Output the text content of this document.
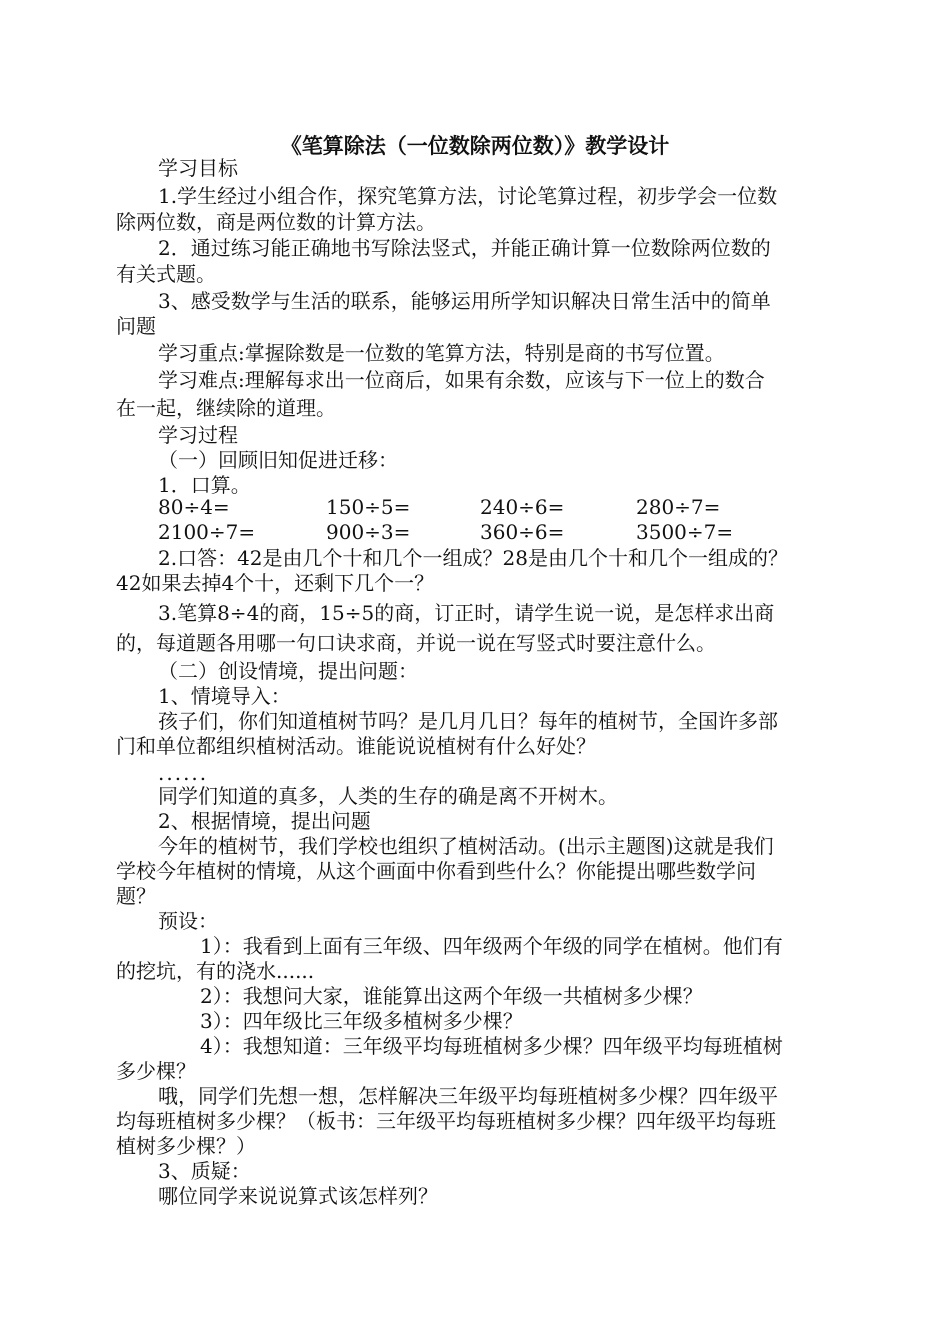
《笔算除法（一位数除两位数）》教学设计

学习目标

1.学生经过小组合作，探究笔算方法，讨论笔算过程，初步学会一位数

除两位数，商是两位数的计算方法。

2．通过练习能正确地书写除法竖式，并能正确计算一位数除两位数的

有关式题。

3、感受数学与生活的联系，能够运用所学知识解决日常生活中的简单

问题

学习重点:掌握除数是一位数的笔算方法，特别是商的书写位置。

学习难点:理解每求出一位商后，如果有余数，应该与下一位上的数合

在一起，继续除的道理。

学习过程

（一）回顾旧知促进迁移：

1．口算。

80÷4=	150÷5=	240÷6=	280÷7=
2100÷7=	900÷3=	360÷6=	3500÷7=

2.口答：42是由几个十和几个一组成？28是由几个十和几个一组成的？

42如果去掉4个十，还剩下几个一？

3.笔算8÷4的商，15÷5的商，订正时，请学生说一说，是怎样求出商

的，每道题各用哪一句口诀求商，并说一说在写竖式时要注意什么。

（二）创设情境，提出问题：

1、情境导入：

孩子们，你们知道植树节吗？是几月几日？每年的植树节，全国许多部

门和单位都组织植树活动。谁能说说植树有什么好处？

......

同学们知道的真多，人类的生存的确是离不开树木。

2、根据情境，提出问题

今年的植树节，我们学校也组织了植树活动。(出示主题图)这就是我们

学校今年植树的情境，从这个画面中你看到些什么？你能提出哪些数学问

题？

预设：

1）：我看到上面有三年级、四年级两个年级的同学在植树。他们有

的挖坑，有的浇水......

2）：我想问大家，谁能算出这两个年级一共植树多少棵？

3）：四年级比三年级多植树多少棵？

4）：我想知道：三年级平均每班植树多少棵？四年级平均每班植树

多少棵？

哦，同学们先想一想，怎样解决三年级平均每班植树多少棵？四年级平

均每班植树多少棵？（板书：三年级平均每班植树多少棵？四年级平均每班

植树多少棵？）

3、质疑：

哪位同学来说说算式该怎样列？
